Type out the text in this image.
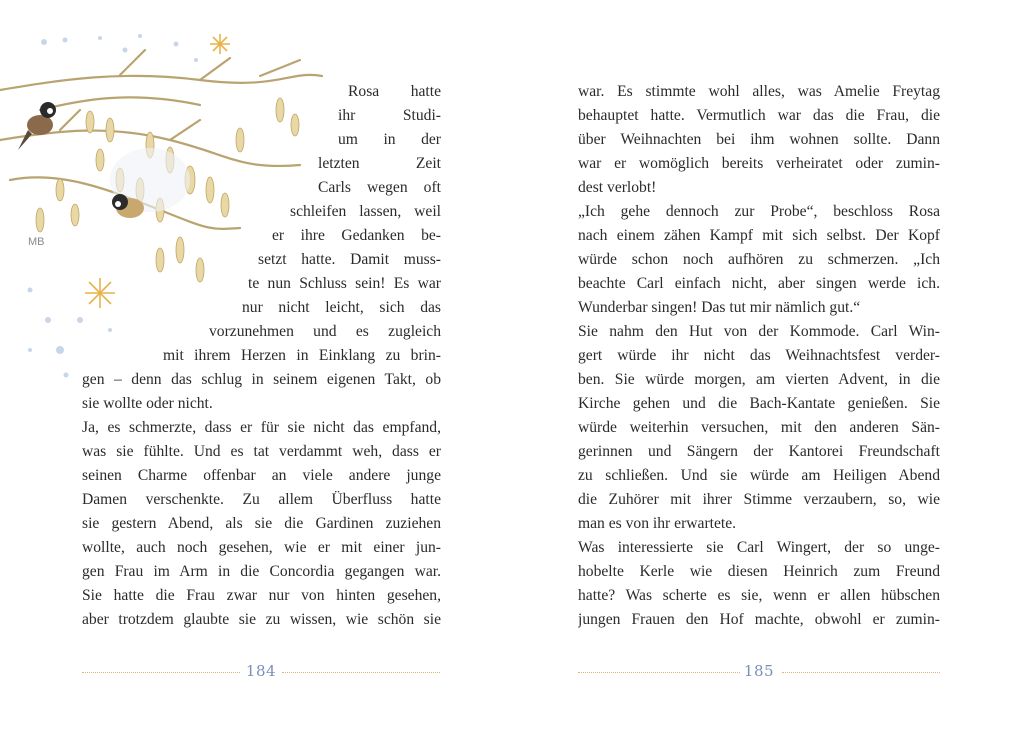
MB
Rosa hatte
ihr Studi-
um in der
letzten Zeit
Carls wegen oft
schleifen lassen, weil
er ihre Gedanken be-
setzt hatte. Damit muss-
te nun Schluss sein! Es war
nur nicht leicht, sich das
vorzunehmen und es zugleich
mit ihrem Herzen in Einklang zu brin-
gen – denn das schlug in seinem eigenen Takt, ob
sie wollte oder nicht.
Ja, es schmerzte, dass er für sie nicht das empfand,
was sie fühlte. Und es tat verdammt weh, dass er
seinen Charme offenbar an viele andere junge
Damen verschenkte. Zu allem Überfluss hatte
sie gestern Abend, als sie die Gardinen zuziehen
wollte, auch noch gesehen, wie er mit einer jun-
gen Frau im Arm in die Concordia gegangen war.
Sie hatte die Frau zwar nur von hinten gesehen,
aber trotzdem glaubte sie zu wissen, wie schön sie
184
war. Es stimmte wohl alles, was Amelie Freytag
behauptet hatte. Vermutlich war das die Frau, die
über Weihnachten bei ihm wohnen sollte. Dann
war er womöglich bereits verheiratet oder zumin-
dest verlobt!
„Ich gehe dennoch zur Probe“, beschloss Rosa
nach einem zähen Kampf mit sich selbst. Der Kopf
würde schon noch aufhören zu schmerzen. „Ich
beachte Carl einfach nicht, aber singen werde ich.
Wunderbar singen! Das tut mir nämlich gut.“
Sie nahm den Hut von der Kommode. Carl Win-
gert würde ihr nicht das Weihnachtsfest verder-
ben. Sie würde morgen, am vierten Advent, in die
Kirche gehen und die Bach-Kantate genießen. Sie
würde weiterhin versuchen, mit den anderen Sän-
gerinnen und Sängern der Kantorei Freundschaft
zu schließen. Und sie würde am Heiligen Abend
die Zuhörer mit ihrer Stimme verzaubern, so, wie
man es von ihr erwartete.
Was interessierte sie Carl Wingert, der so unge-
hobelte Kerle wie diesen Heinrich zum Freund
hatte? Was scherte es sie, wenn er allen hübschen
jungen Frauen den Hof machte, obwohl er zumin-
185
